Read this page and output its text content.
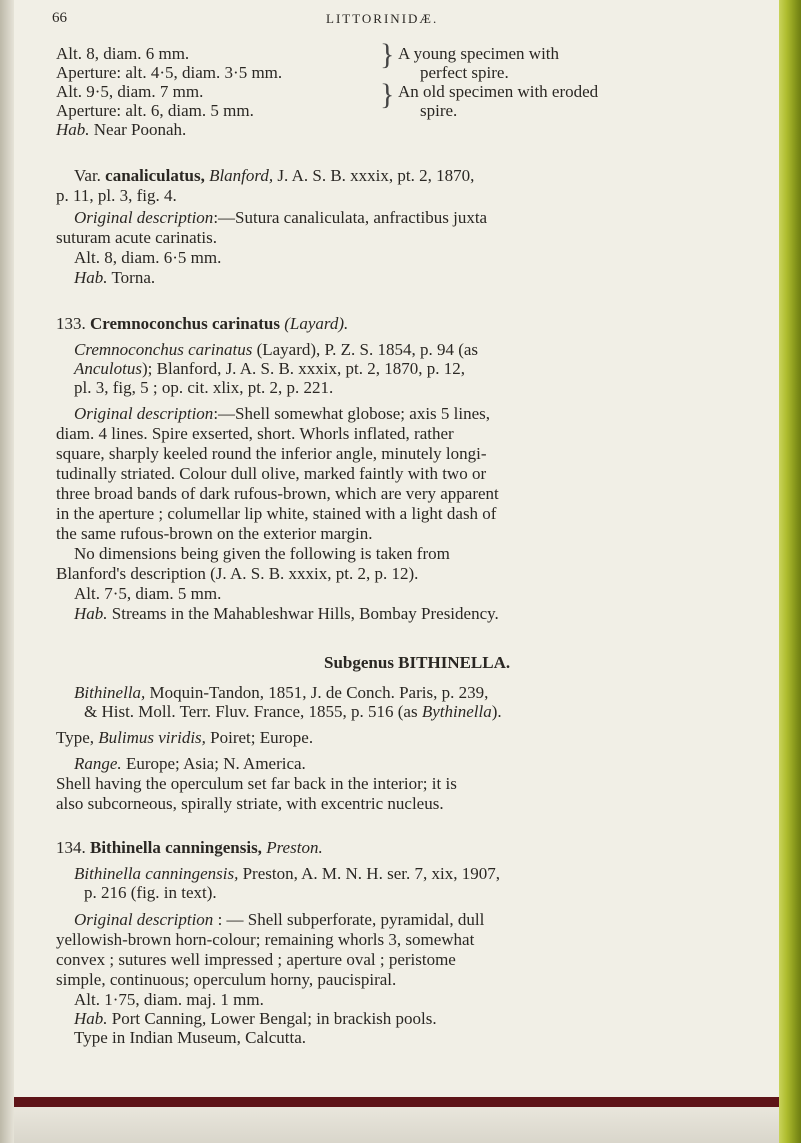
66	LITTORINIDÆ.
Alt. 8, diam. 6 mm.
Aperture: alt. 4·5, diam. 3·5 mm.
Alt. 9·5, diam. 7 mm.
Aperture: alt. 6, diam. 5 mm.
}
}
A young specimen with
perfect spire.
An old specimen with eroded
spire.
Hab. Near Poonah.
Var. canaliculatus, Blanford, J. A. S. B. xxxix, pt. 2, 1870,
p. 11, pl. 3, fig. 4.
Original description:—Sutura canaliculata, anfractibus juxta
suturam acute carinatis.
Alt. 8, diam. 6·5 mm.
Hab. Torna.
133. Cremnoconchus carinatus (Layard).
Cremnoconchus carinatus (Layard), P. Z. S. 1854, p. 94 (as
Anculotus); Blanford, J. A. S. B. xxxix, pt. 2, 1870, p. 12,
pl. 3, fig, 5 ; op. cit. xlix, pt. 2, p. 221.
Original description:—Shell somewhat globose; axis 5 lines,
diam. 4 lines. Spire exserted, short. Whorls inflated, rather
square, sharply keeled round the inferior angle, minutely longi-
tudinally striated. Colour dull olive, marked faintly with two or
three broad bands of dark rufous-brown, which are very apparent
in the aperture ; columellar lip white, stained with a light dash of
the same rufous-brown on the exterior margin.
No dimensions being given the following is taken from
Blanford's description (J. A. S. B. xxxix, pt. 2, p. 12).
Alt. 7·5, diam. 5 mm.
Hab. Streams in the Mahableshwar Hills, Bombay Presidency.
Subgenus BITHINELLA.
Bithinella, Moquin-Tandon, 1851, J. de Conch. Paris, p. 239,
& Hist. Moll. Terr. Fluv. France, 1855, p. 516 (as Bythinella).
Type, Bulimus viridis, Poiret; Europe.
Range. Europe; Asia; N. America.
Shell having the operculum set far back in the interior; it is
also subcorneous, spirally striate, with excentric nucleus.
134. Bithinella canningensis, Preston.
Bithinella canningensis, Preston, A. M. N. H. ser. 7, xix, 1907,
p. 216 (fig. in text).
Original description : — Shell subperforate, pyramidal, dull
yellowish-brown horn-colour; remaining whorls 3, somewhat
convex ; sutures well impressed ; aperture oval ; peristome
simple, continuous; operculum horny, paucispiral.
Alt. 1·75, diam. maj. 1 mm.
Hab. Port Canning, Lower Bengal; in brackish pools.
Type in Indian Museum, Calcutta.
